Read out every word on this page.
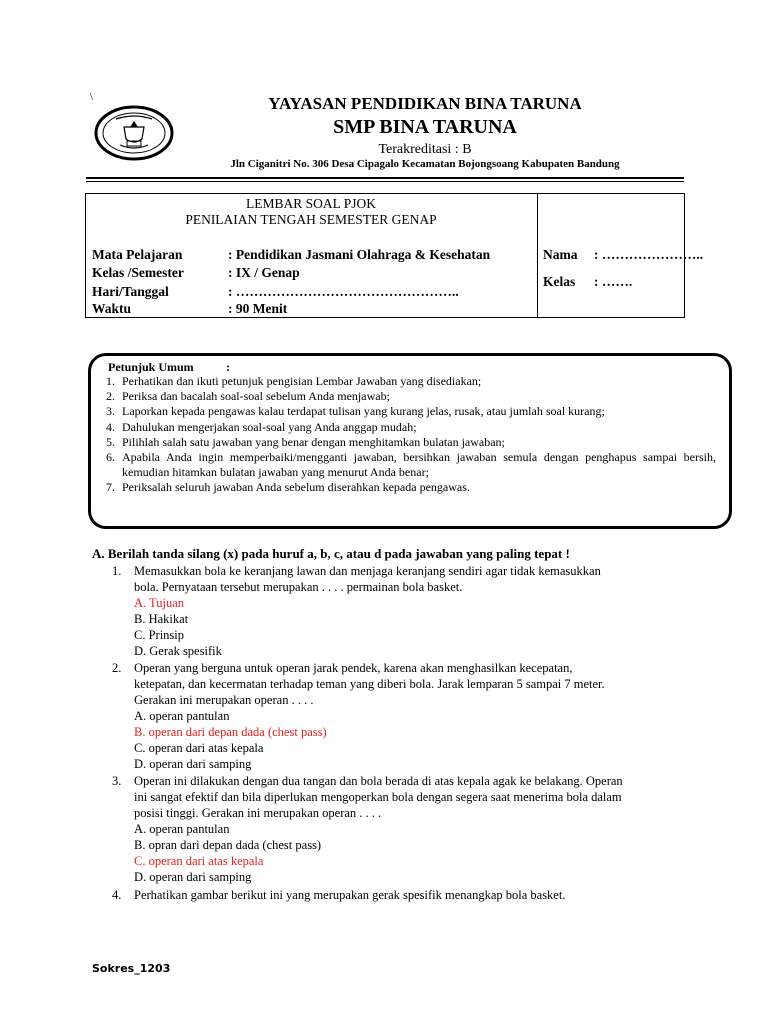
\	YAYASAN PENDIDIKAN BINA TARUNA
SMP BINA TARUNA
Terakreditasi : B
Jln Ciganitri No. 306 Desa Cipagalo Kecamatan Bojongsoang Kabupaten Bandung
LEMBAR SOAL PJOK
PENILAIAN TENGAH SEMESTER GENAP
Mata Pelajaran	: Pendidikan Jasmani Olahraga & Kesehatan
Kelas /Semester	: IX / Genap
Hari/Tanggal	: …………………………………………..
Waktu	: 90 Menit
Nama : …………………..
Kelas : …….
Petunjuk Umum	:
1. Perhatikan dan ikuti petunjuk pengisian Lembar Jawaban yang disediakan;
2. Periksa dan bacalah soal-soal sebelum Anda menjawab;
3. Laporkan kepada pengawas kalau terdapat tulisan yang kurang jelas, rusak, atau jumlah soal kurang;
4. Dahulukan mengerjakan soal-soal yang Anda anggap mudah;
5. Pilihlah salah satu jawaban yang benar dengan menghitamkan bulatan jawaban;
6. Apabila Anda ingin memperbaiki/mengganti jawaban, bersihkan jawaban semula dengan penghapus sampai bersih, kemudian hitamkan bulatan jawaban yang menurut Anda benar;
7. Periksalah seluruh jawaban Anda sebelum diserahkan kepada pengawas.
A. Berilah tanda silang (x) pada huruf a, b, c, atau d pada jawaban yang paling tepat !
1. Memasukkan bola ke keranjang lawan dan menjaga keranjang sendiri agar tidak kemasukkan
bola. Pernyataan tersebut merupakan . . . . permainan bola basket.
A. Tujuan
B. Hakikat
C. Prinsip
D. Gerak spesifik
2. Operan yang berguna untuk operan jarak pendek, karena akan menghasilkan kecepatan,
ketepatan, dan kecermatan terhadap teman yang diberi bola. Jarak lemparan 5 sampai 7 meter.
Gerakan ini merupakan operan . . . .
A. operan pantulan
B. operan dari depan dada (chest pass)
C. operan dari atas kepala
D. operan dari samping
3. Operan ini dilakukan dengan dua tangan dan bola berada di atas kepala agak ke belakang. Operan
ini sangat efektif dan bila diperlukan mengoperkan bola dengan segera saat menerima bola dalam
posisi tinggi. Gerakan ini merupakan operan . . . .
A. operan pantulan
B. opran dari depan dada (chest pass)
C. operan dari atas kepala
D. operan dari samping
4. Perhatikan gambar berikut ini yang merupakan gerak spesifik menangkap bola basket.
Sokres_1203
